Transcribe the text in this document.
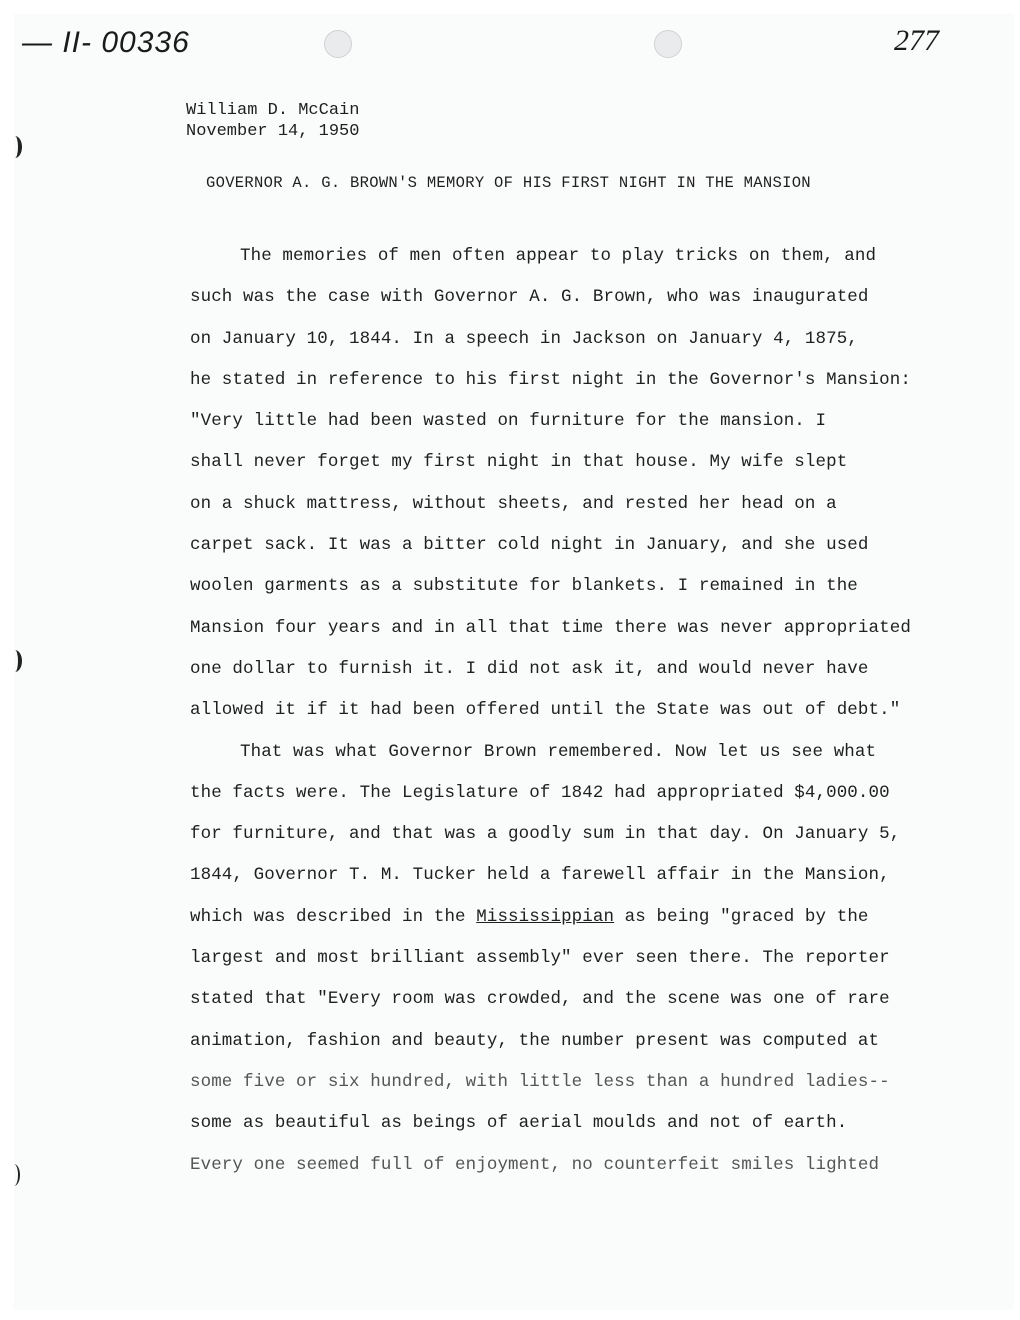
— II- 00336	277
William D. McCain
November 14, 1950
GOVERNOR A. G. BROWN'S MEMORY OF HIS FIRST NIGHT IN THE MANSION
The memories of men often appear to play tricks on them, and
such was the case with Governor A. G. Brown, who was inaugurated
on January 10, 1844. In a speech in Jackson on January 4, 1875,
he stated in reference to his first night in the Governor's Mansion:
"Very little had been wasted on furniture for the mansion. I
shall never forget my first night in that house. My wife slept
on a shuck mattress, without sheets, and rested her head on a
carpet sack. It was a bitter cold night in January, and she used
woolen garments as a substitute for blankets. I remained in the
Mansion four years and in all that time there was never appropriated
one dollar to furnish it. I did not ask it, and would never have
allowed it if it had been offered until the State was out of debt."
That was what Governor Brown remembered. Now let us see what
the facts were. The Legislature of 1842 had appropriated $4,000.00
for furniture, and that was a goodly sum in that day. On January 5,
1844, Governor T. M. Tucker held a farewell affair in the Mansion,
which was described in the Mississippian as being "graced by the
largest and most brilliant assembly" ever seen there. The reporter
stated that "Every room was crowded, and the scene was one of rare
animation, fashion and beauty, the number present was computed at
some five or six hundred, with little less than a hundred ladies--
some as beautiful as beings of aerial moulds and not of earth.
Every one seemed full of enjoyment, no counterfeit smiles lighted
